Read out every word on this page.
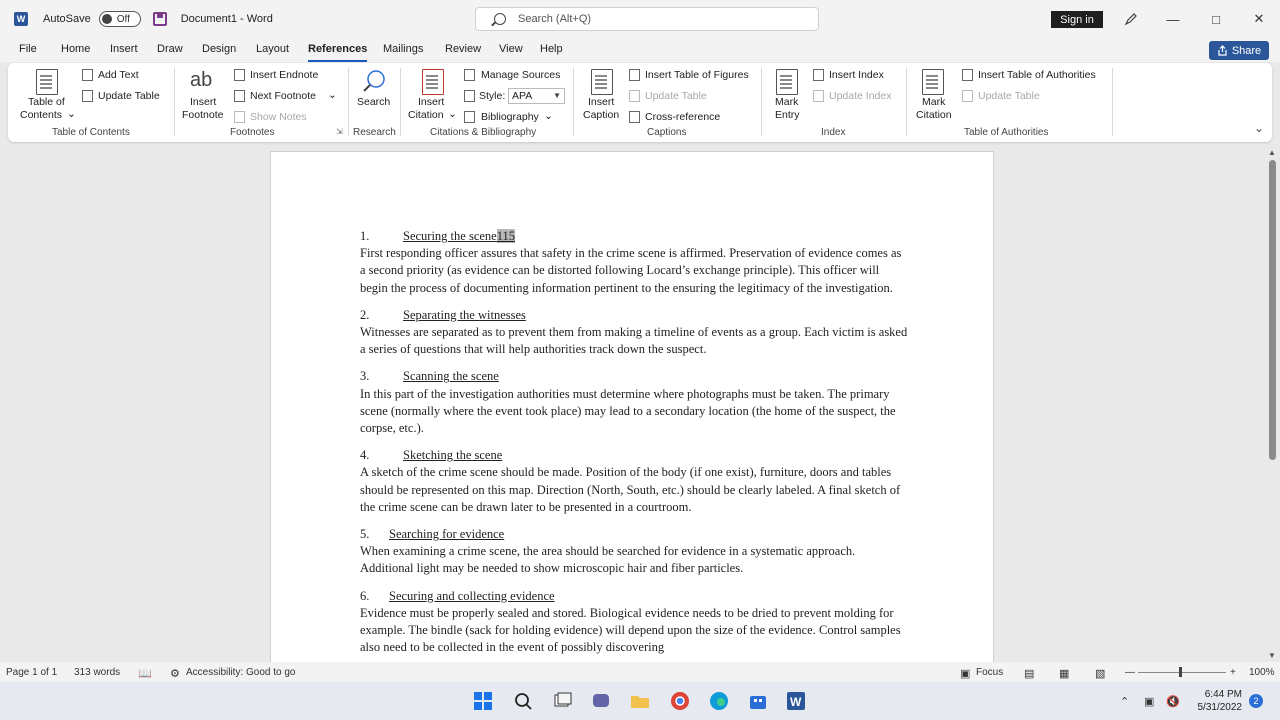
W AutoSave	Off	Document1 - Word	Search (Alt+Q)	Sign in	—	□	✕
File Home Insert Draw Design Layout References Mailings Review View Help	Share
Table of
Contents ⌄
Add Text
Update Table
Table of Contents
ab
Insert
Footnote
Insert Endnote
Next Footnote ⌄
Show Notes
Footnotes	⇲
Search
Research
Insert
Citation ⌄
Manage Sources
Style: APA	▼
Bibliography ⌄
Citations & Bibliography
Insert
Caption
Insert Table of Figures
Update Table
Cross-reference
Captions
Mark
Entry
Insert Index
Update Index
Index
Mark
Citation
Insert Table of Authorities
Update Table
Table of Authorities	⌄
1.	Securing the scene115
First responding officer assures that safety in the crime scene is affirmed. Preservation of evidence comes as a second priority (as evidence can be distorted following Locard’s exchange principle). This officer will begin the process of documenting information pertinent to the ensuring the legitimacy of the investigation.
2.	Separating the witnesses
Witnesses are separated as to prevent them from making a timeline of events as a group. Each victim is asked a series of questions that will help authorities track down the suspect.
3.	Scanning the scene
In this part of the investigation authorities must determine where photographs must be taken. The primary scene (normally where the event took place) may lead to a secondary location (the home of the suspect, the corpse, etc.).
4.	Sketching the scene
A sketch of the crime scene should be made. Position of the body (if one exist), furniture, doors and tables should be represented on this map. Direction (North, South, etc.) should be clearly labeled. A final sketch of the crime scene can be drawn later to be presented in a courtroom.
5.	Searching for evidence
When examining a crime scene, the area should be searched for evidence in a systematic approach. Additional light may be needed to show microscopic hair and fiber particles.
6.	Securing and collecting evidence
Evidence must be properly sealed and stored. Biological evidence needs to be dried to prevent molding for example. The bindle (sack for holding evidence) will depend upon the size of the evidence. Control samples also need to be collected in the event of possibly discovering
▲
▼
Page 1 of 1 313 words 📖 ⚙ Accessibility: Good to go	▣ Focus ▤ ▦ ▧ —	+ 100%
W	⌃ ▣ 🔇
6:44 PM
5/31/2022
2
